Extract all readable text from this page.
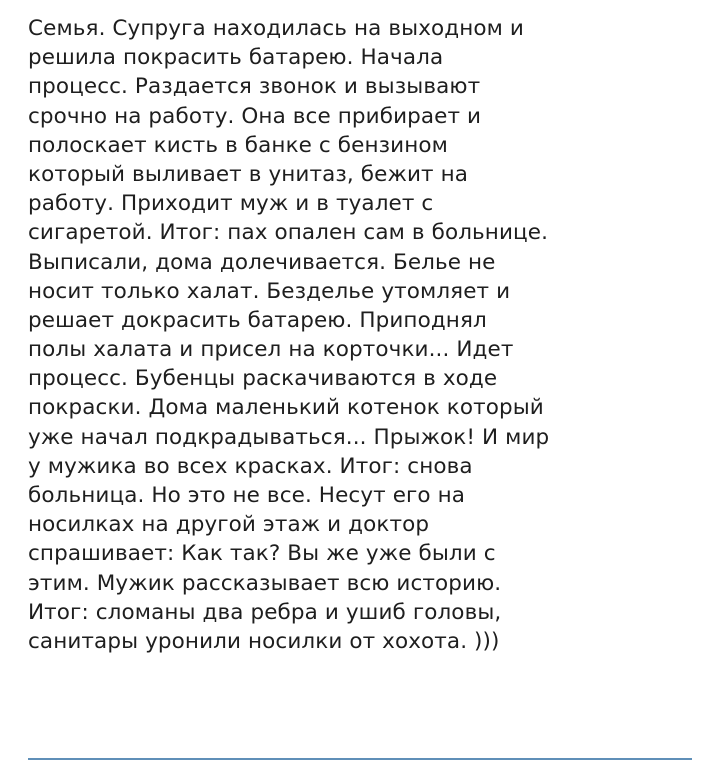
Семья. Супруга находилась на выходном и
решила покрасить батарею. Начала
процесс. Раздается звонок и вызывают
срочно на работу. Она все прибирает и
полоскает кисть в банке с бензином
который выливает в унитаз, бежит на
работу. Приходит муж и в туалет с
сигаретой. Итог: пах опален сам в больнице.
Выписали, дома долечивается. Белье не
носит только халат. Безделье утомляет и
решает докрасить батарею. Приподнял
полы халата и присел на корточки... Идет
процесс. Бубенцы раскачиваются в ходе
покраски. Дома маленький котенок который
уже начал подкрадываться... Прыжок! И мир
у мужика во всех красках. Итог: снова
больница. Но это не все. Несут его на
носилках на другой этаж и доктор
спрашивает: Как так? Вы же уже были с
этим. Мужик рассказывает всю историю.
Итог: сломаны два ребра и ушиб головы,
санитары уронили носилки от хохота. )))
